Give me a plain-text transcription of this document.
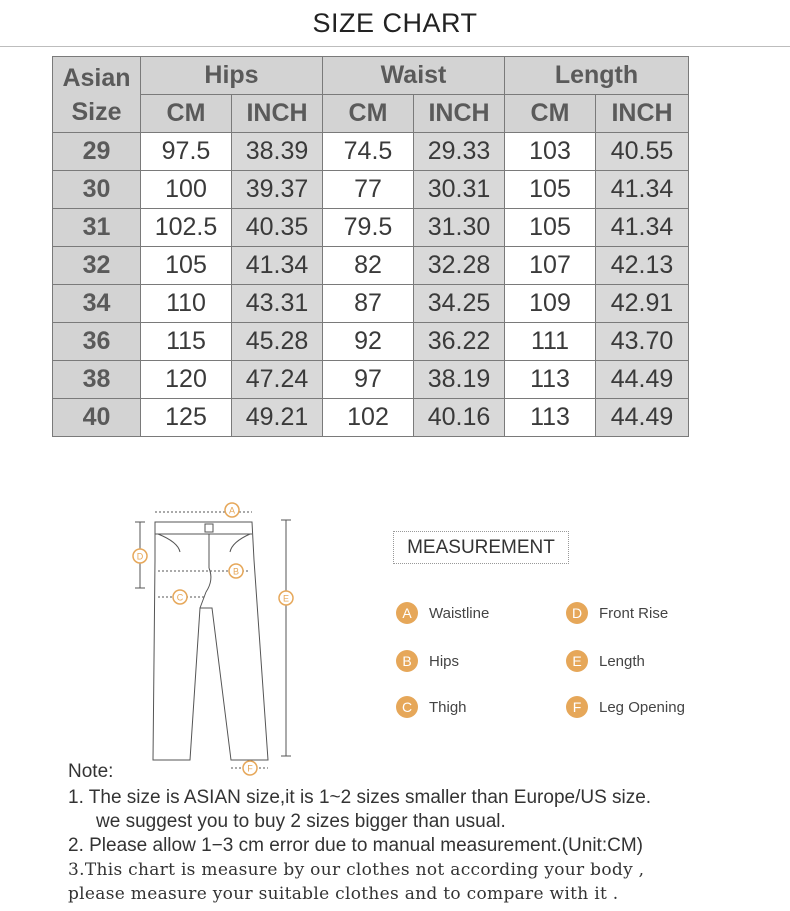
SIZE CHART
Asian
Size	Hips		Waist		Length	
	CM	INCH	CM	INCH	CM	INCH
29	97.5	38.39	74.5	29.33	103	40.55
30	100	39.37	77	30.31	105	41.34
31	102.5	40.35	79.5	31.30	105	41.34
32	105	41.34	82	32.28	107	42.13
34	110	43.31	87	34.25	109	42.91
36	115	45.28	92	36.22	111	43.70
38	120	47.24	97	38.19	113	44.49
40	125	49.21	102	40.16	113	44.49
A
B
C
D
E
F
MEASUREMENT
A	Waistline
B	Hips
C	Thigh
D	Front Rise
E	Length
F	Leg Opening
Note:
1. The size is ASIAN size,it is 1~2 sizes smaller than Europe/US size.
we suggest you to buy 2 sizes bigger than usual.
2. Please allow 1−3 cm error due to manual measurement.(Unit:CM)
3.This chart is measure by our clothes not according your body ,
please measure your suitable clothes and to compare with it .
